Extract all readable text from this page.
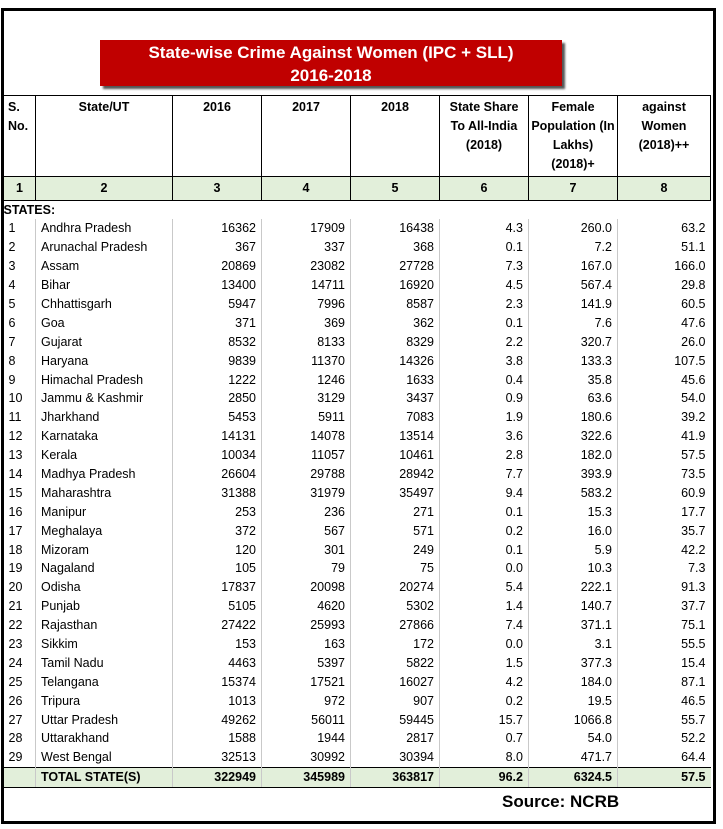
State-wise Crime Against Women (IPC + SLL)
2016-2018
S. No.	State/UT	2016	2017	2018	State Share To All-India (2018)	Female Population (In Lakhs) (2018)+	against Women (2018)++
1	2	3	4	5	6	7	8
STATES:							
1	Andhra Pradesh	16362	17909	16438	4.3	260.0	63.2
2	Arunachal Pradesh	367	337	368	0.1	7.2	51.1
3	Assam	20869	23082	27728	7.3	167.0	166.0
4	Bihar	13400	14711	16920	4.5	567.4	29.8
5	Chhattisgarh	5947	7996	8587	2.3	141.9	60.5
6	Goa	371	369	362	0.1	7.6	47.6
7	Gujarat	8532	8133	8329	2.2	320.7	26.0
8	Haryana	9839	11370	14326	3.8	133.3	107.5
9	Himachal Pradesh	1222	1246	1633	0.4	35.8	45.6
10	Jammu & Kashmir	2850	3129	3437	0.9	63.6	54.0
11	Jharkhand	5453	5911	7083	1.9	180.6	39.2
12	Karnataka	14131	14078	13514	3.6	322.6	41.9
13	Kerala	10034	11057	10461	2.8	182.0	57.5
14	Madhya Pradesh	26604	29788	28942	7.7	393.9	73.5
15	Maharashtra	31388	31979	35497	9.4	583.2	60.9
16	Manipur	253	236	271	0.1	15.3	17.7
17	Meghalaya	372	567	571	0.2	16.0	35.7
18	Mizoram	120	301	249	0.1	5.9	42.2
19	Nagaland	105	79	75	0.0	10.3	7.3
20	Odisha	17837	20098	20274	5.4	222.1	91.3
21	Punjab	5105	4620	5302	1.4	140.7	37.7
22	Rajasthan	27422	25993	27866	7.4	371.1	75.1
23	Sikkim	153	163	172	0.0	3.1	55.5
24	Tamil Nadu	4463	5397	5822	1.5	377.3	15.4
25	Telangana	15374	17521	16027	4.2	184.0	87.1
26	Tripura	1013	972	907	0.2	19.5	46.5
27	Uttar Pradesh	49262	56011	59445	15.7	1066.8	55.7
28	Uttarakhand	1588	1944	2817	0.7	54.0	52.2
29	West Bengal	32513	30992	30394	8.0	471.7	64.4
	TOTAL STATE(S)	322949	345989	363817	96.2	6324.5	57.5
Source: NCRB
